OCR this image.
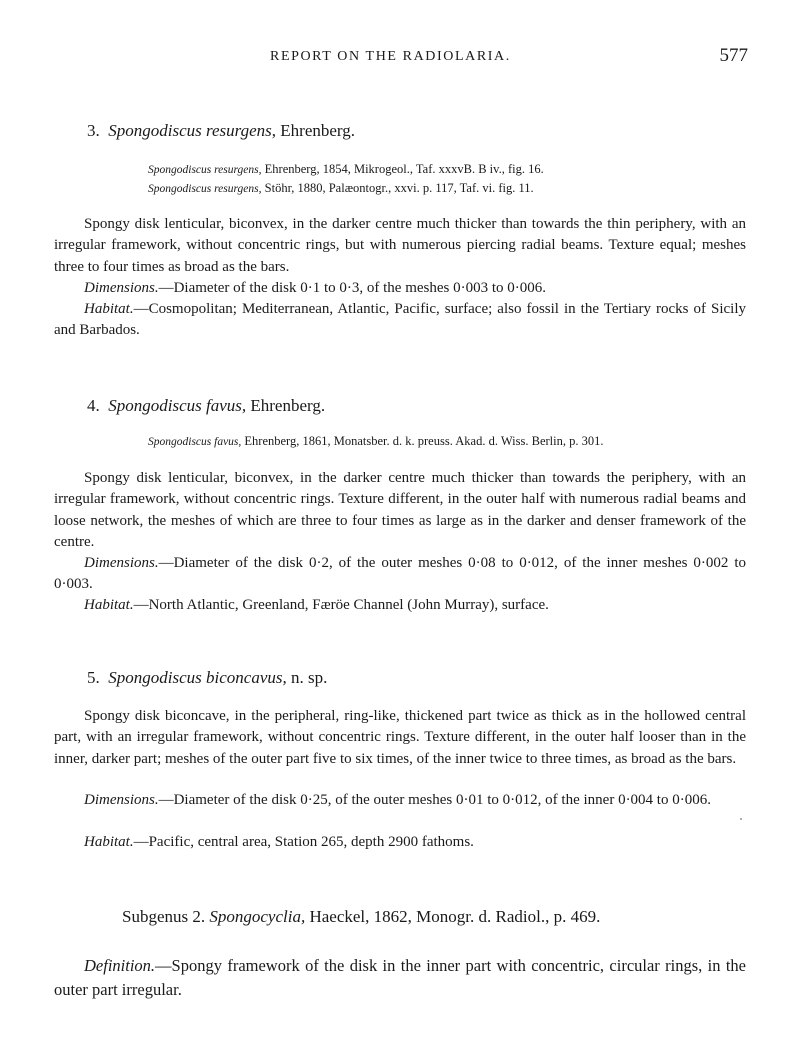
REPORT ON THE RADIOLARIA.	577
3. Spongodiscus resurgens, Ehrenberg.
Spongodiscus resurgens, Ehrenberg, 1854, Mikrogeol., Taf. xxxvB. B iv., fig. 16.
Spongodiscus resurgens, Stöhr, 1880, Palæontogr., xxvi. p. 117, Taf. vi. fig. 11.
Spongy disk lenticular, biconvex, in the darker centre much thicker than towards the thin periphery, with an irregular framework, without concentric rings, but with numerous piercing radial beams. Texture equal; meshes three to four times as broad as the bars.
Dimensions.—Diameter of the disk 0·1 to 0·3, of the meshes 0·003 to 0·006.
Habitat.—Cosmopolitan; Mediterranean, Atlantic, Pacific, surface; also fossil in the Tertiary rocks of Sicily and Barbados.
4. Spongodiscus favus, Ehrenberg.
Spongodiscus favus, Ehrenberg, 1861, Monatsber. d. k. preuss. Akad. d. Wiss. Berlin, p. 301.
Spongy disk lenticular, biconvex, in the darker centre much thicker than towards the periphery, with an irregular framework, without concentric rings. Texture different, in the outer half with numerous radial beams and loose network, the meshes of which are three to four times as large as in the darker and denser framework of the centre.
Dimensions.—Diameter of the disk 0·2, of the outer meshes 0·08 to 0·012, of the inner meshes 0·002 to 0·003.
Habitat.—North Atlantic, Greenland, Færöe Channel (John Murray), surface.
5. Spongodiscus biconcavus, n. sp.
Spongy disk biconcave, in the peripheral, ring-like, thickened part twice as thick as in the hollowed central part, with an irregular framework, without concentric rings. Texture different, in the outer half looser than in the inner, darker part; meshes of the outer part five to six times, of the inner twice to three times, as broad as the bars.
Dimensions.—Diameter of the disk 0·25, of the outer meshes 0·01 to 0·012, of the inner 0·004 to 0·006.
Habitat.—Pacific, central area, Station 265, depth 2900 fathoms.
Subgenus 2. Spongocyclia, Haeckel, 1862, Monogr. d. Radiol., p. 469.
Definition.—Spongy framework of the disk in the inner part with concentric, circular rings, in the outer part irregular.
